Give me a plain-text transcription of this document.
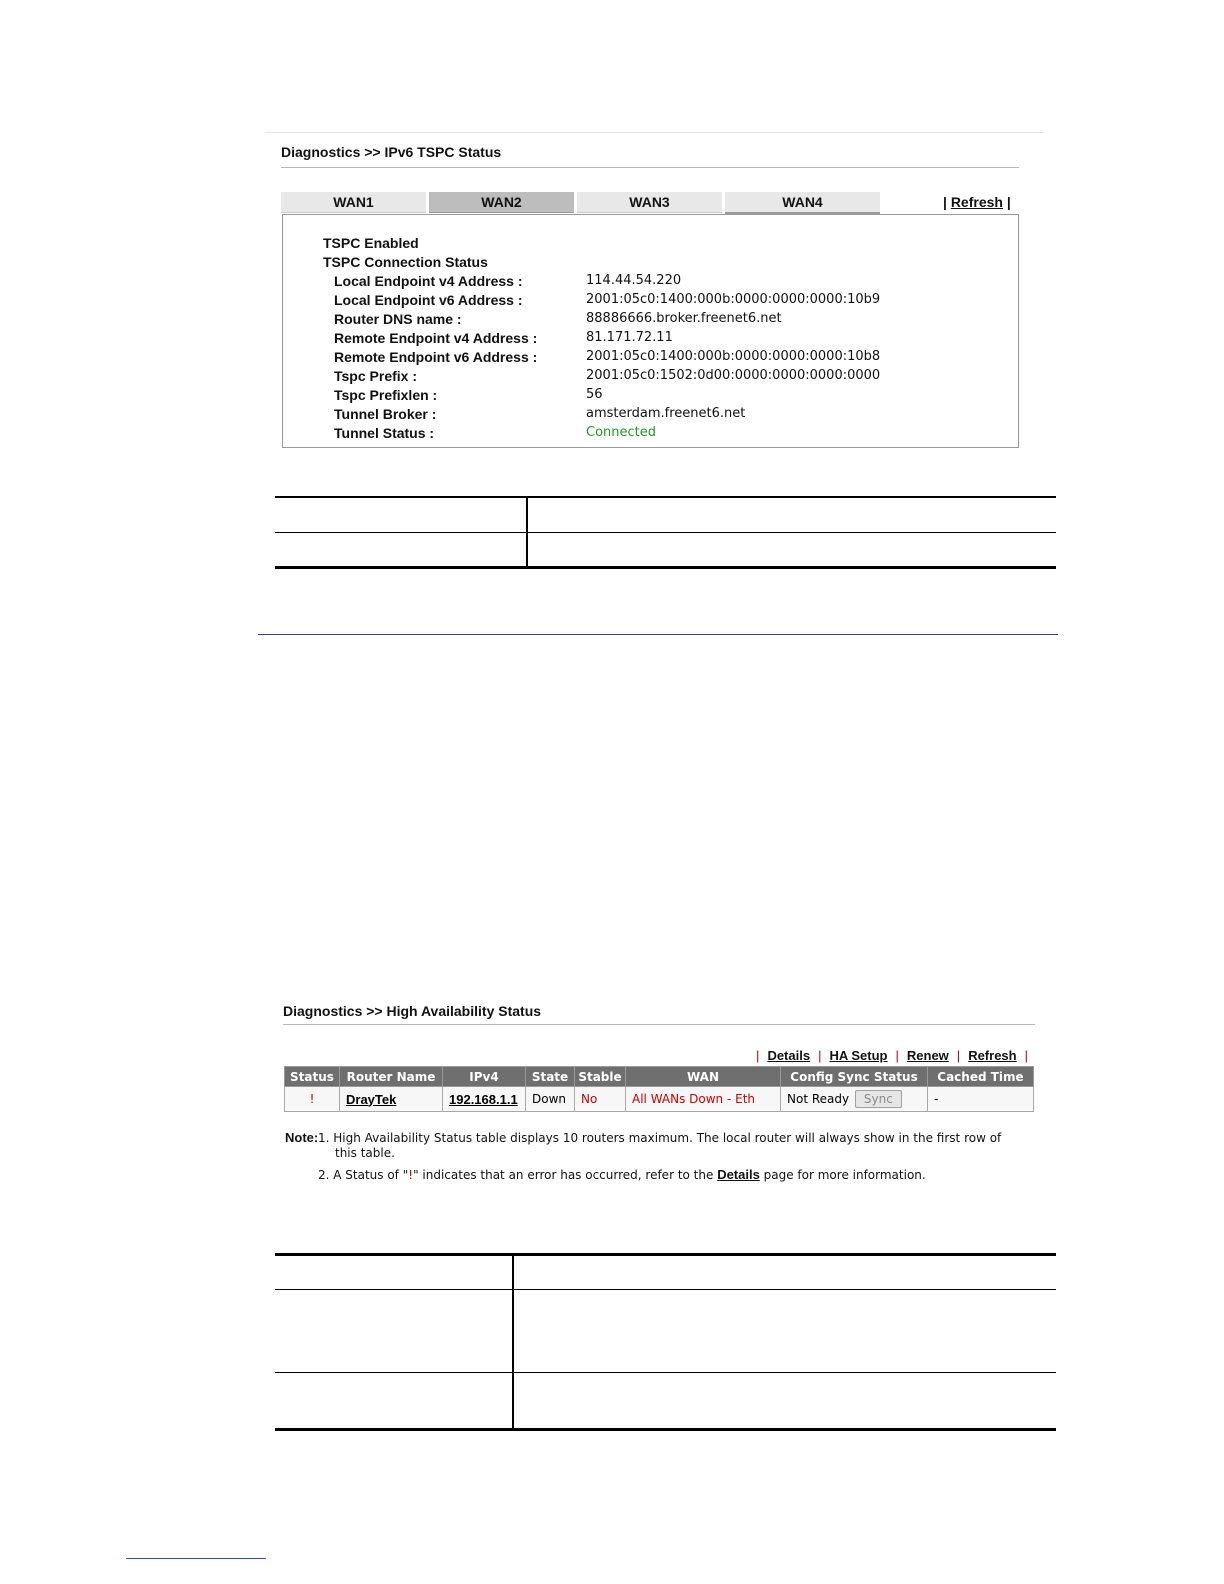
Diagnostics >> IPv6 TSPC Status
WAN1	WAN2	WAN3	WAN4	| Refresh |
TSPC Enabled
TSPC Connection Status
Local Endpoint v4 Address :	114.44.54.220
Local Endpoint v6 Address :	2001:05c0:1400:000b:0000:0000:0000:10b9
Router DNS name :	88886666.broker.freenet6.net
Remote Endpoint v4 Address :	81.171.72.11
Remote Endpoint v6 Address :	2001:05c0:1400:000b:0000:0000:0000:10b8
Tspc Prefix :	2001:05c0:1502:0d00:0000:0000:0000:0000
Tspc Prefixlen :	56
Tunnel Broker :	amsterdam.freenet6.net
Tunnel Status :	Connected
Diagnostics >> High Availability Status
| Details | HA Setup | Renew | Refresh |
Status	Router Name	IPv4	State	Stable	WAN	Config Sync Status	Cached Time
!	DrayTek	192.168.1.1	Down	No	All WANs Down - Eth	Not Ready Sync	-
Note: 1. High Availability Status table displays 10 routers maximum. The local router will always show in the first row of
this table.
2. A Status of "!" indicates that an error has occurred, refer to the Details page for more information.
